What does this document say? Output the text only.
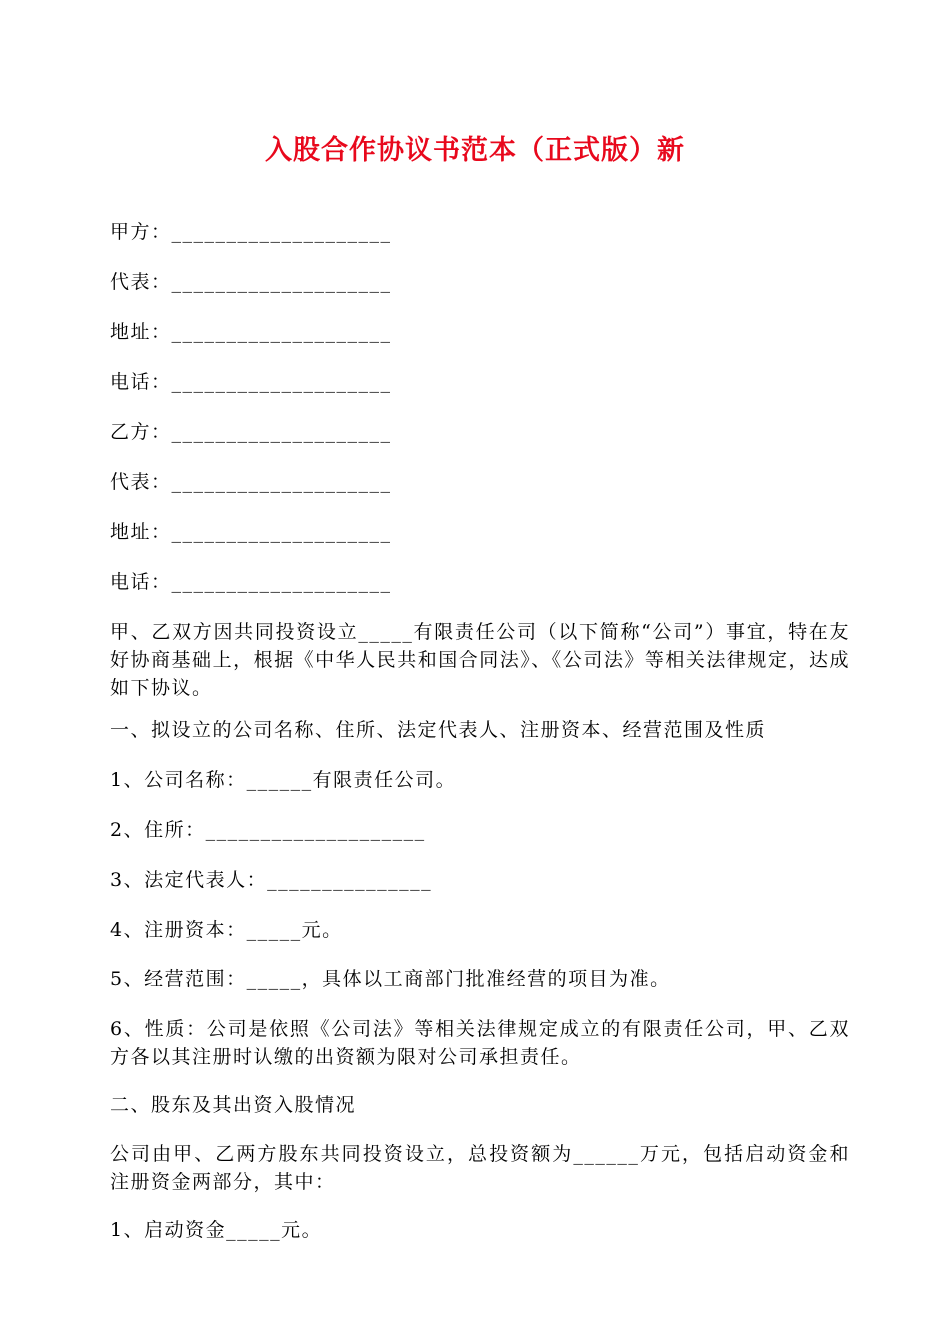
入股合作协议书范本（正式版）新
甲方：____________________
代表：____________________
地址：____________________
电话：____________________
乙方：____________________
代表：____________________
地址：____________________
电话：____________________
甲、乙双方因共同投资设立_____有限责任公司（以下简称“公司”）事宜，特在友好协商基础上，根据《中华人民共和国合同法》、《公司法》等相关法律规定，达成如下协议。
一、拟设立的公司名称、住所、法定代表人、注册资本、经营范围及性质
1、公司名称：______有限责任公司。
2、住所：____________________
3、法定代表人：_______________
4、注册资本：_____元。
5、经营范围：_____，具体以工商部门批准经营的项目为准。
6、性质：公司是依照《公司法》等相关法律规定成立的有限责任公司，甲、乙双方各以其注册时认缴的出资额为限对公司承担责任。
二、股东及其出资入股情况
公司由甲、乙两方股东共同投资设立，总投资额为______万元，包括启动资金和注册资金两部分，其中：
1、启动资金_____元。
